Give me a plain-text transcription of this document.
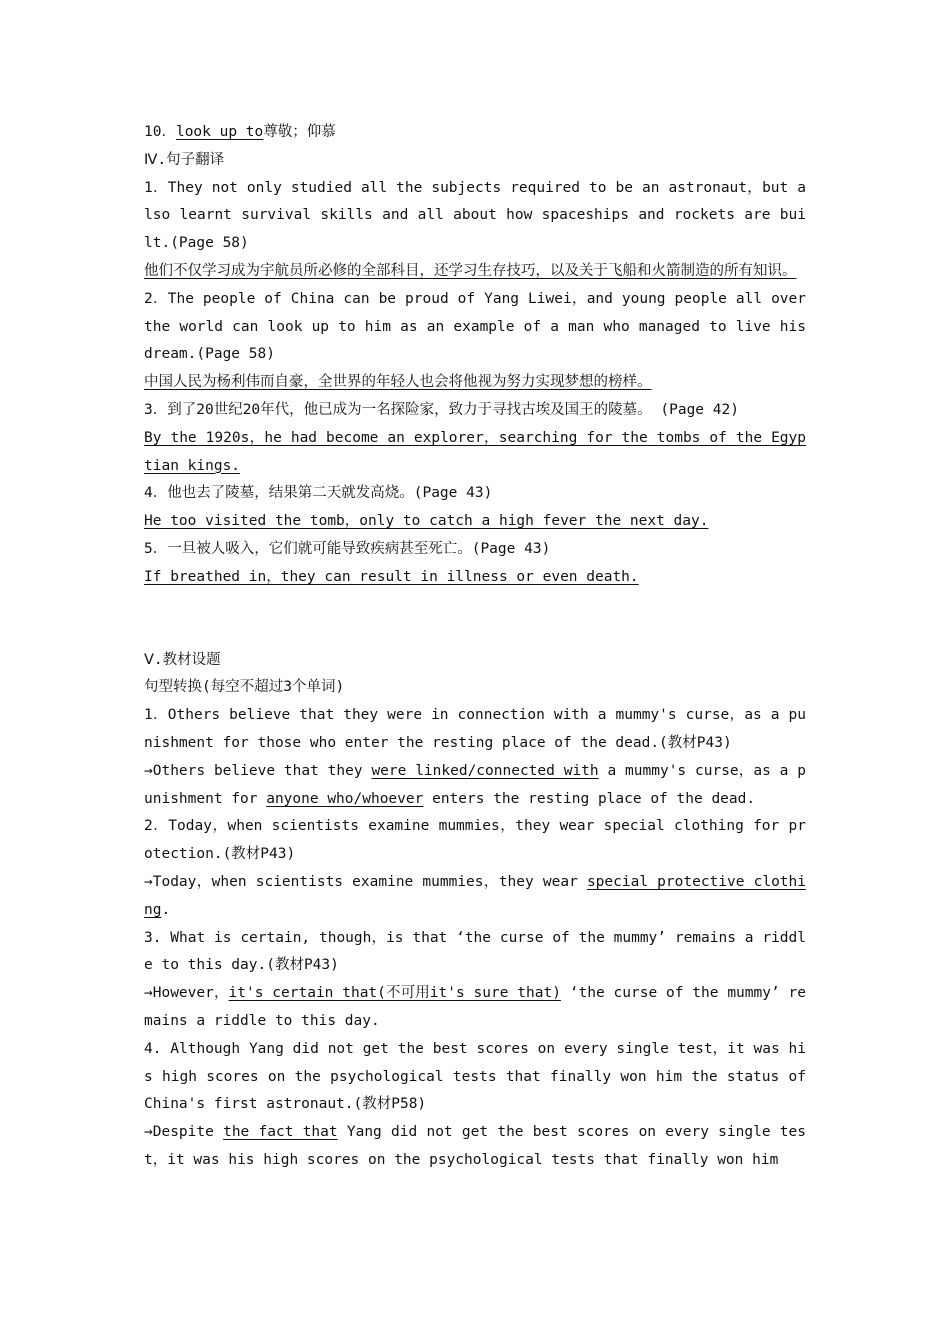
10．look up to尊敬；仰慕
Ⅳ.句子翻译
1．They not only studied all the subjects required to be an astronaut，but also learnt survival skills and all about how spaceships and rockets are built.(Page 58)
他们不仅学习成为宇航员所必修的全部科目，还学习生存技巧，以及关于飞船和火箭制造的所有知识。
2．The people of China can be proud of Yang Liwei，and young people all over the world can look up to him as an example of a man who managed to live his dream.(Page 58)
中国人民为杨利伟而自豪，全世界的年轻人也会将他视为努力实现梦想的榜样。
3．到了20世纪20年代，他已成为一名探险家，致力于寻找古埃及国王的陵墓。 (Page 42)
By the 1920s，he had become an explorer，searching for the tombs of the Egyptian kings.
4．他也去了陵墓，结果第二天就发高烧。(Page 43)
He too visited the tomb，only to catch a high fever the next day.
5．一旦被人吸入，它们就可能导致疾病甚至死亡。(Page 43)
If breathed in，they can result in illness or even death.
Ⅴ.教材设题
句型转换(每空不超过3个单词)
1．Others believe that they were in connection with a mummy's curse，as a punishment for those who enter the resting place of the dead.(教材P43)
→Others believe that they were linked/connected with a mummy's curse，as a punishment for anyone who/whoever enters the resting place of the dead.
2．Today，when scientists examine mummies，they wear special clothing for protection.(教材P43)
→Today，when scientists examine mummies，they wear special protective clothing.
3. What is certain, though，is that ‘the curse of the mummy’ remains a riddle to this day.(教材P43)
→However，it's certain that(不可用it's sure that) ‘the curse of the mummy’ remains a riddle to this day.
4. Although Yang did not get the best scores on every single test，it was his high scores on the psychological tests that finally won him the status of China's first astronaut.(教材P58)
→Despite the fact that Yang did not get the best scores on every single test，it was his high scores on the psychological tests that finally won him
